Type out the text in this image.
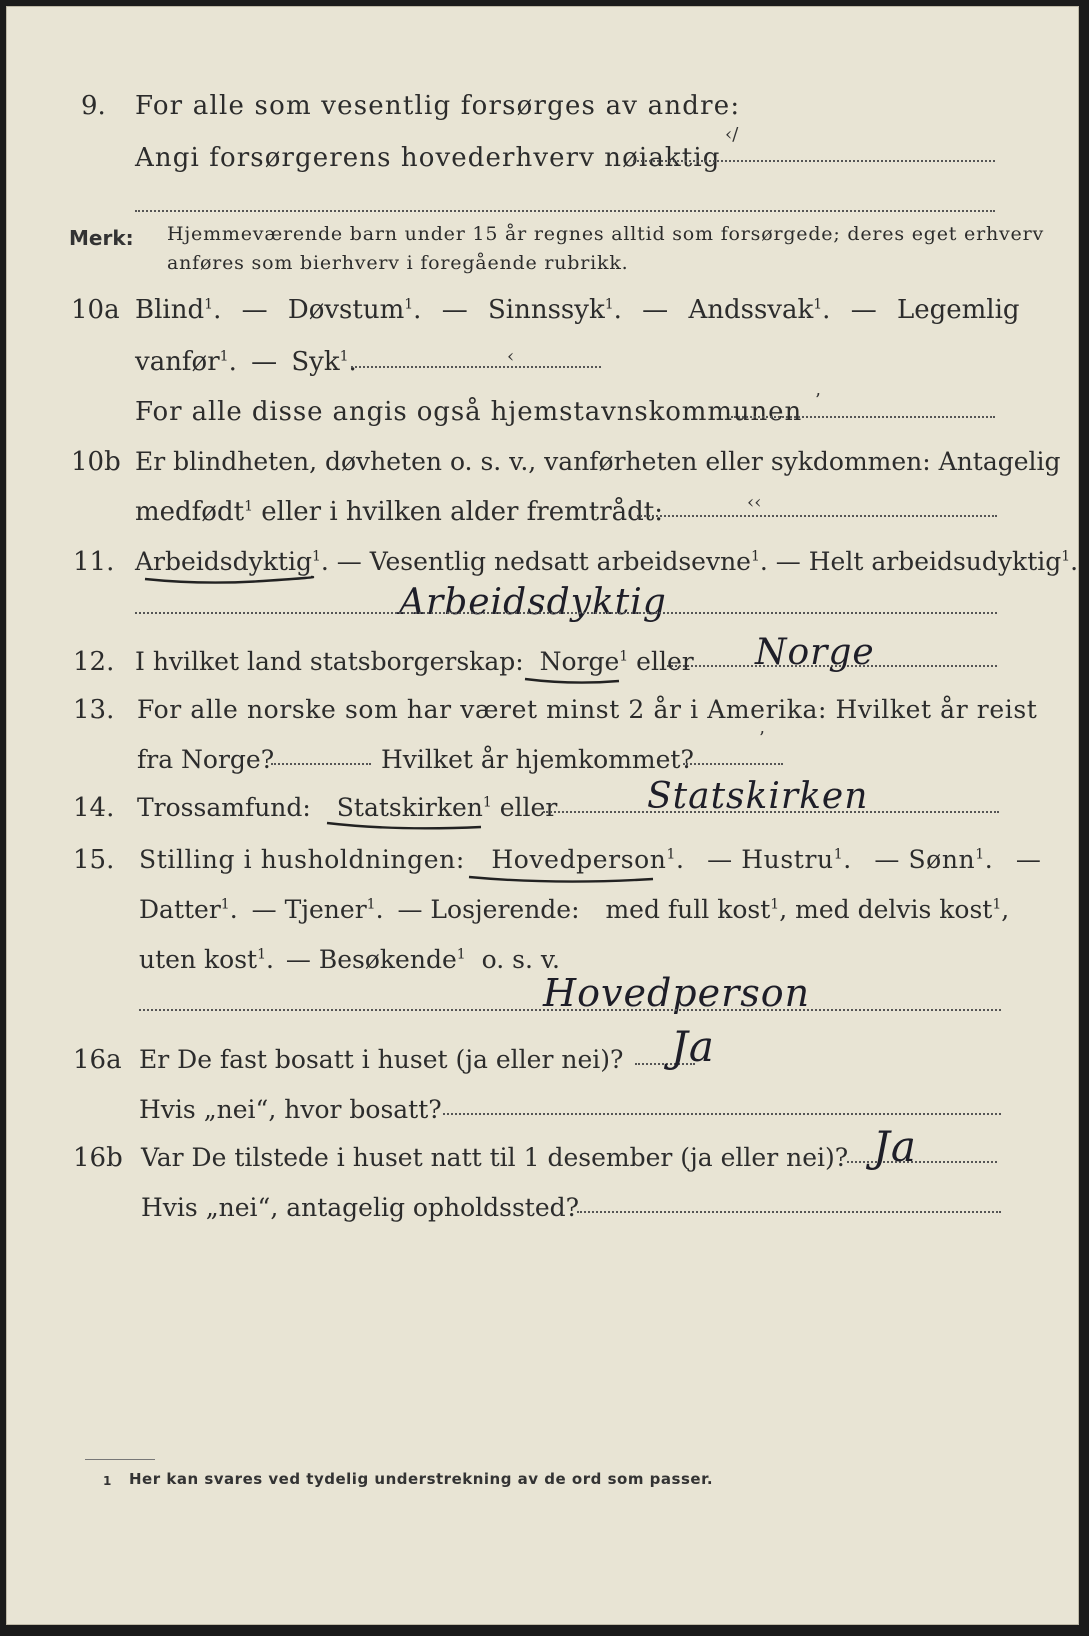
9. For alle som vesentlig forsørges av andre:
Angi forsørgerens hovederhverv nøiaktig
‹/
Merk: Hjemmeværende barn under 15 år regnes alltid som forsørgede; deres eget erhverv
anføres som bierhverv i foregående rubrikk.
10a Blind$^1$. — Døvstum$^1$. — Sinnssyk$^1$. — Andssvak$^1$. — Legemlig
vanfør$^1$. — Syk$^1$.	‹
For alle disse angis også hjemstavnskommunen ’
10b Er blindheten, døvheten o. s. v., vanførheten eller sykdommen: Antagelig
medfødt$^1$ eller i hvilken alder fremtrådt:	‹‹
11. Arbeidsdyktig$^1$. — Vesentlig nedsatt arbeidsevne$^1$. — Helt arbeidsudyktig$^1$.
Arbeidsdyktig
12. I hvilket land statsborgerskap: Norge$^1$ eller Norge
13. For alle norske som har været minst 2 år i Amerika: Hvilket år reist
fra Norge?	Hvilket år hjemkommet?
’
14. Trossamfund: Statskirken$^1$ eller Statskirken
15. Stilling i husholdningen: Hovedperson$^1$. — Hustru$^1$. — Sønn$^1$. —
Datter$^1$. — Tjener$^1$. — Losjerende: med full kost$^1$, med delvis kost$^1$,
uten kost$^1$. — Besøkende$^1$ o. s. v.
Hovedperson
16a Er De fast bosatt i huset (ja eller nei)? Ja
Hvis „nei“, hvor bosatt?
16b Var De tilstede i huset natt til 1 desember (ja eller nei)? Ja
Hvis „nei“, antagelig opholdssted?
1 Her kan svares ved tydelig understrekning av de ord som passer.
